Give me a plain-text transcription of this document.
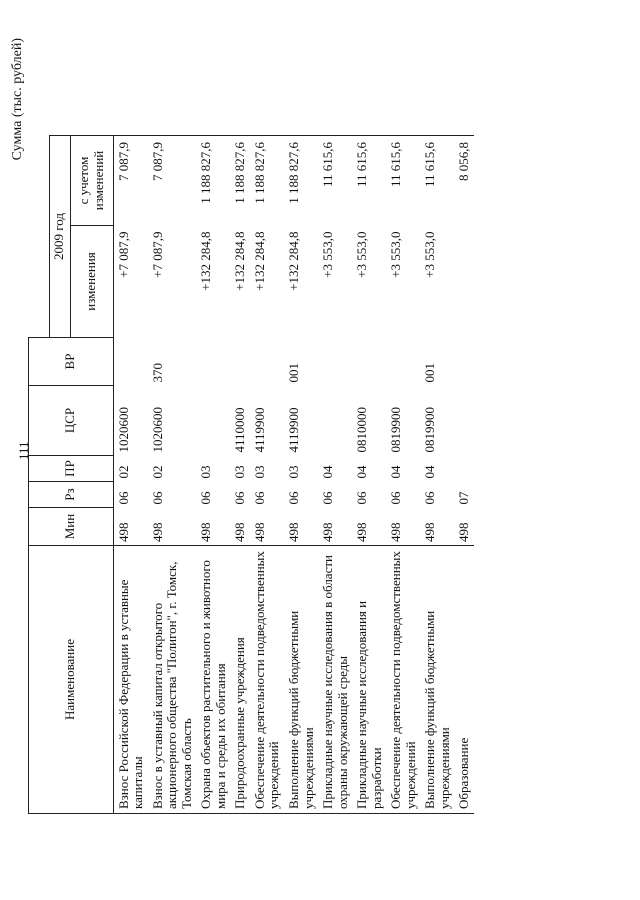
111
Сумма (тыс. рублей)
Наименование	Мин	Рз	ПР	ЦСР	ВР		
						2009 год	
						изменения	с учетом изменений
Взнос Российской Федерации в уставные капиталы	498	06	02	1020600		+7 087,9	7 087,9
Взнос в уставный капитал открытого акционерного общества "Полигон", г. Томск, Томская область	498	06	02	1020600	370	+7 087,9	7 087,9
Охрана объектов растительного и животного мира и среды их обитания	498	06	03			+132 284,8	1 188 827,6
Природоохранные учреждения	498	06	03	4110000		+132 284,8	1 188 827,6
Обеспечение деятельности подведомственных учреждений	498	06	03	4119900		+132 284,8	1 188 827,6
Выполнение функций бюджетными учреждениями	498	06	03	4119900	001	+132 284,8	1 188 827,6
Прикладные научные исследования в области охраны окружающей среды	498	06	04			+3 553,0	11 615,6
Прикладные научные исследования и разработки	498	06	04	0810000		+3 553,0	11 615,6
Обеспечение деятельности подведомственных учреждений	498	06	04	0819900		+3 553,0	11 615,6
Выполнение функций бюджетными учреждениями	498	06	04	0819900	001	+3 553,0	11 615,6
Образование	498	07					8 056,8
